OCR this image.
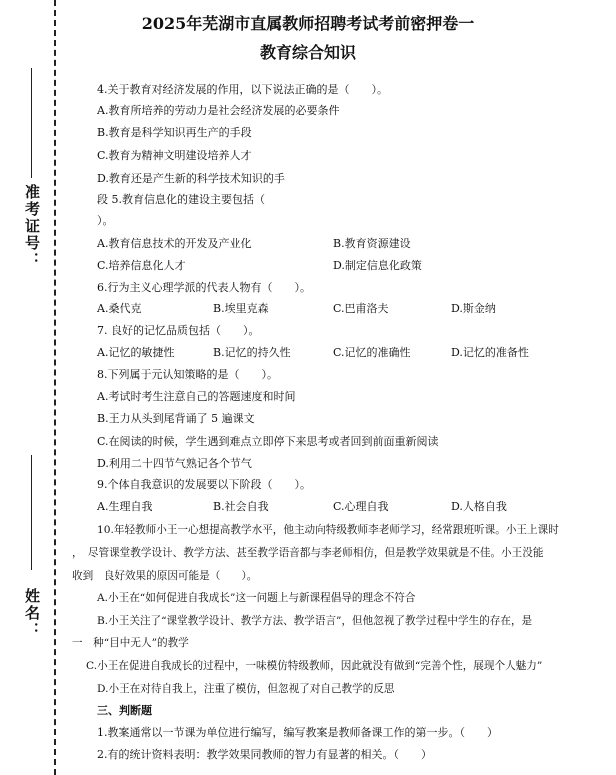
准考证号：
姓名：
2025年芜湖市直属教师招聘考试考前密押卷一
教育综合知识
4.关于教育对经济发展的作用，以下说法正确的是（　　）。
A.教育所培养的劳动力是社会经济发展的必要条件
B.教育是科学知识再生产的手段
C.教育为精神文明建设培养人才
D.教育还是产生新的科学技术知识的手
段 5.教育信息化的建设主要包括（
）。
A.教育信息技术的开发及产业化	B.教育资源建设
C.培养信息化人才	D.制定信息化政策
6.行为主义心理学派的代表人物有（　　）。
A.桑代克	B.埃里克森	C.巴甫洛夫	D.斯金纳
7. 良好的记忆品质包括（　　）。
A.记忆的敏捷性	B.记忆的持久性	C.记忆的准确性	D.记忆的准备性
8.下列属于元认知策略的是（　　）。
A.考试时考生注意自己的答题速度和时间
B.王力从头到尾背诵了 5 遍课文
C.在阅读的时候，学生遇到难点立即停下来思考或者回到前面重新阅读
D.利用二十四节气熟记各个节气
9.个体自我意识的发展要以下阶段（　　）。
A.生理自我	B.社会自我	C.心理自我	D.人格自我
10.年轻教师小王一心想提高教学水平，他主动向特级教师李老师学习，经常跟班听课。小王上课时
，　尽管课堂教学设计、教学方法、甚至教学语音都与李老师相仿，但是教学效果就是不佳。小王没能
收到　良好效果的原因可能是（　　）。
A.小王在“如何促进自我成长”这一问题上与新课程倡导的理念不符合
B.小王关注了“课堂教学设计、教学方法、教学语言”，但他忽视了教学过程中学生的存在，是
一　种“目中无人”的教学
C.小王在促进自我成长的过程中，一味模仿特级教师，因此就没有做到“完善个性，展现个人魅力”
D.小王在对待自我上，注重了模仿，但忽视了对自己教学的反思
三、判断题
1.教案通常以一节课为单位进行编写，编写教案是教师备课工作的第一步。（　　）
2.有的统计资料表明：教学效果同教师的智力有显著的相关。（　　）
